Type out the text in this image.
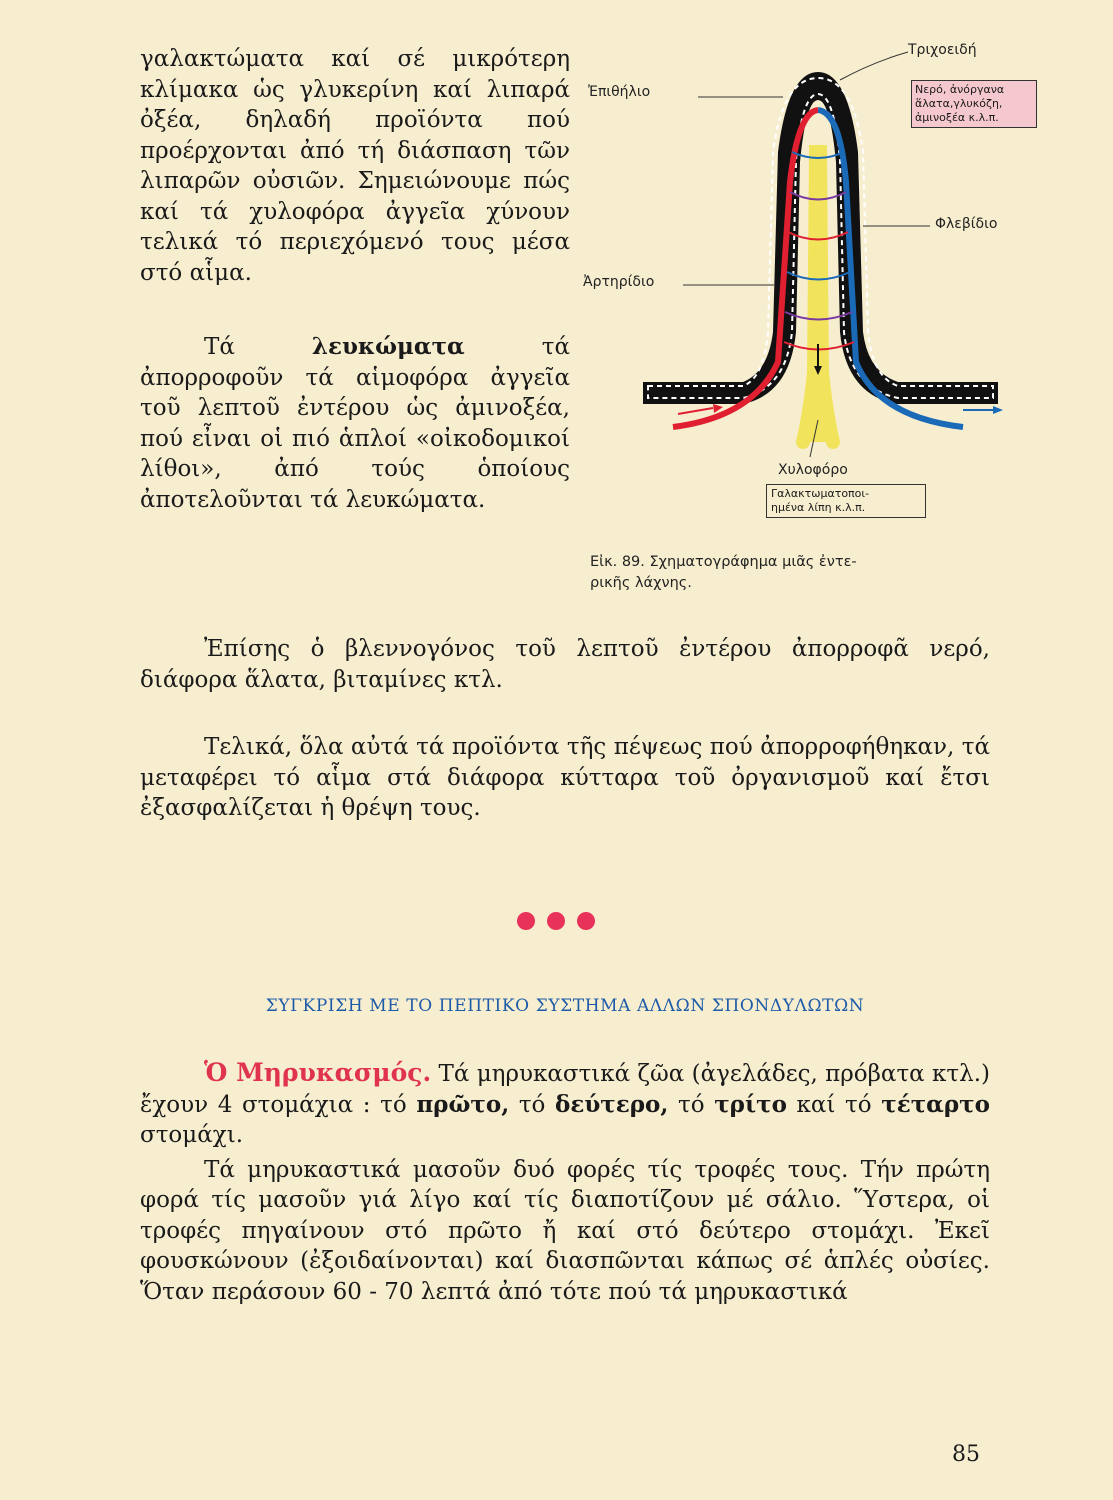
γαλακτώματα καί σέ μικρότερη κλίμακα ὡς γλυκερίνη καί λιπαρά ὀξέα, δηλαδή προϊόντα πού προέρχονται ἀπό τή διάσπαση τῶν λιπαρῶν οὐσιῶν. Σημειώνουμε πώς καί τά χυλοφόρα ἀγγεῖα χύνουν τελικά τό περιεχόμενό τους μέσα στό αἷμα.

Τά λευκώματα τά ἀπορροφοῦν τά αἱμοφόρα ἀγγεῖα τοῦ λεπτοῦ ἐντέρου ὡς ἀμινοξέα, πού εἶναι οἱ πιό ἁπλοί «οἰκοδομικοί λίθοι», ἀπό τούς ὁποίους ἀποτελοῦνται τά λευκώματα.

Τριχοειδή
Ἐπιθήλιο
Φλεβίδιο
Ἀρτηρίδιο
Χυλοφόρο
Νερό, ἀνόργανα
ἅλατα,γλυκόζη,
ἀμινοξέα κ.λ.π.
Γαλακτωματοποι-
ημένα λίπη κ.λ.π.
Εἰκ. 89. Σχηματογράφημα μιᾶς ἐντε-
ρικῆς λάχνης.

Ἐπίσης ὁ βλεννογόνος τοῦ λεπτοῦ ἐντέρου ἀπορροφᾶ νερό, διάφορα ἅλατα, βιταμίνες κτλ.

Τελικά, ὅλα αὐτά τά προϊόντα τῆς πέψεως πού ἀπορροφήθηκαν, τά μεταφέρει τό αἷμα στά διάφορα κύτταρα τοῦ ὀργανισμοῦ καί ἔτσι ἐξασφαλίζεται ἡ θρέψη τους.

ΣΥΓΚΡΙΣΗ ΜΕ ΤΟ ΠΕΠΤΙΚΟ ΣΥΣΤΗΜΑ ΑΛΛΩΝ ΣΠΟΝΔΥΛΩΤΩΝ

Ὁ Μηρυκασμός. Τά μηρυκαστικά ζῶα (ἀγελάδες, πρόβατα κτλ.) ἔχουν 4 στομάχια : τό πρῶτο, τό δεύτερο, τό τρίτο καί τό τέταρτο στομάχι.

Τά μηρυκαστικά μασοῦν δυό φορές τίς τροφές τους. Τήν πρώτη φορά τίς μασοῦν γιά λίγο καί τίς διαποτίζουν μέ σάλιο. Ὕστερα, οἱ τροφές πηγαίνουν στό πρῶτο ἤ καί στό δεύτερο στομάχι. Ἐκεῖ φουσκώνουν (ἐξοιδαίνονται) καί διασπῶνται κάπως σέ ἁπλές οὐσίες. Ὅταν περάσουν 60 - 70 λεπτά ἀπό τότε πού τά μηρυκαστικά

85
